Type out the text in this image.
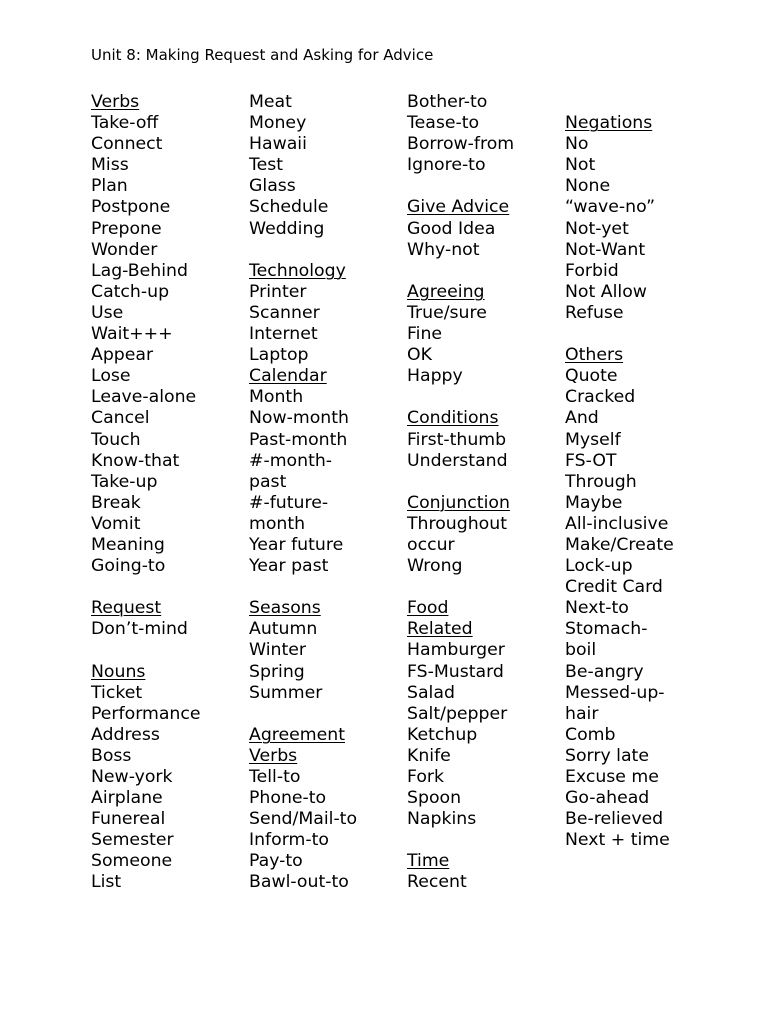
Unit 8: Making Request and Asking for Advice
Verbs
Take-off
Connect
Miss
Plan
Postpone
Prepone
Wonder
Lag-Behind
Catch-up
Use
Wait+++
Appear
Lose
Leave-alone
Cancel
Touch
Know-that
Take-up
Break
Vomit
Meaning
Going-to
Request
Don’t-mind
Nouns
Ticket
Performance
Address
Boss
New-york
Airplane
Funereal
Semester
Someone
List
Meat
Money
Hawaii
Test
Glass
Schedule
Wedding
Technology
Printer
Scanner
Internet
Laptop
Calendar
Month
Now-month
Past-month
#-month-
past
#-future-
month
Year future
Year past
Seasons
Autumn
Winter
Spring
Summer
Agreement
Verbs
Tell-to
Phone-to
Send/Mail-to
Inform-to
Pay-to
Bawl-out-to
Bother-to
Tease-to
Borrow-from
Ignore-to
Give Advice
Good Idea
Why-not
Agreeing
True/sure
Fine
OK
Happy
Conditions
First-thumb
Understand
Conjunction
Throughout
occur
Wrong
Food
Related
Hamburger
FS-Mustard
Salad
Salt/pepper
Ketchup
Knife
Fork
Spoon
Napkins
Time
Recent
Negations
No
Not
None
“wave-no”
Not-yet
Not-Want
Forbid
Not Allow
Refuse
Others
Quote
Cracked
And
Myself
FS-OT
Through
Maybe
All-inclusive
Make/Create
Lock-up
Credit Card
Next-to
Stomach-
boil
Be-angry
Messed-up-
hair
Comb
Sorry late
Excuse me
Go-ahead
Be-relieved
Next + time
